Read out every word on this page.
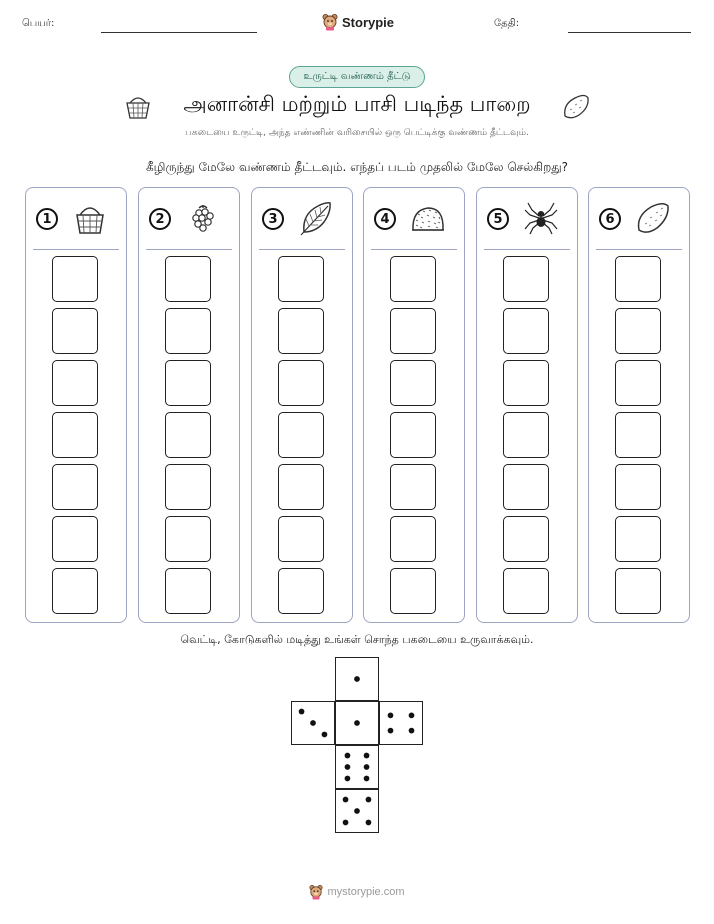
பெயர்:	Storypie	தேதி:
உருட்டி வண்ணம் தீட்டு
அனான்சி மற்றும் பாசி படிந்த பாறை
பகடையை உருட்டி, அந்த எண்ணின் வரிசையில் ஒரு பெட்டிக்கு வண்ணம் தீட்டவும்.
கீழிருந்து மேலே வண்ணம் தீட்டவும். எந்தப் படம் முதலில் மேலே செல்கிறது?
1	2	3	4	5	6
வெட்டி, கோடுகளில் மடித்து உங்கள் சொந்த பகடையை உருவாக்கவும்.
mystorypie.com
